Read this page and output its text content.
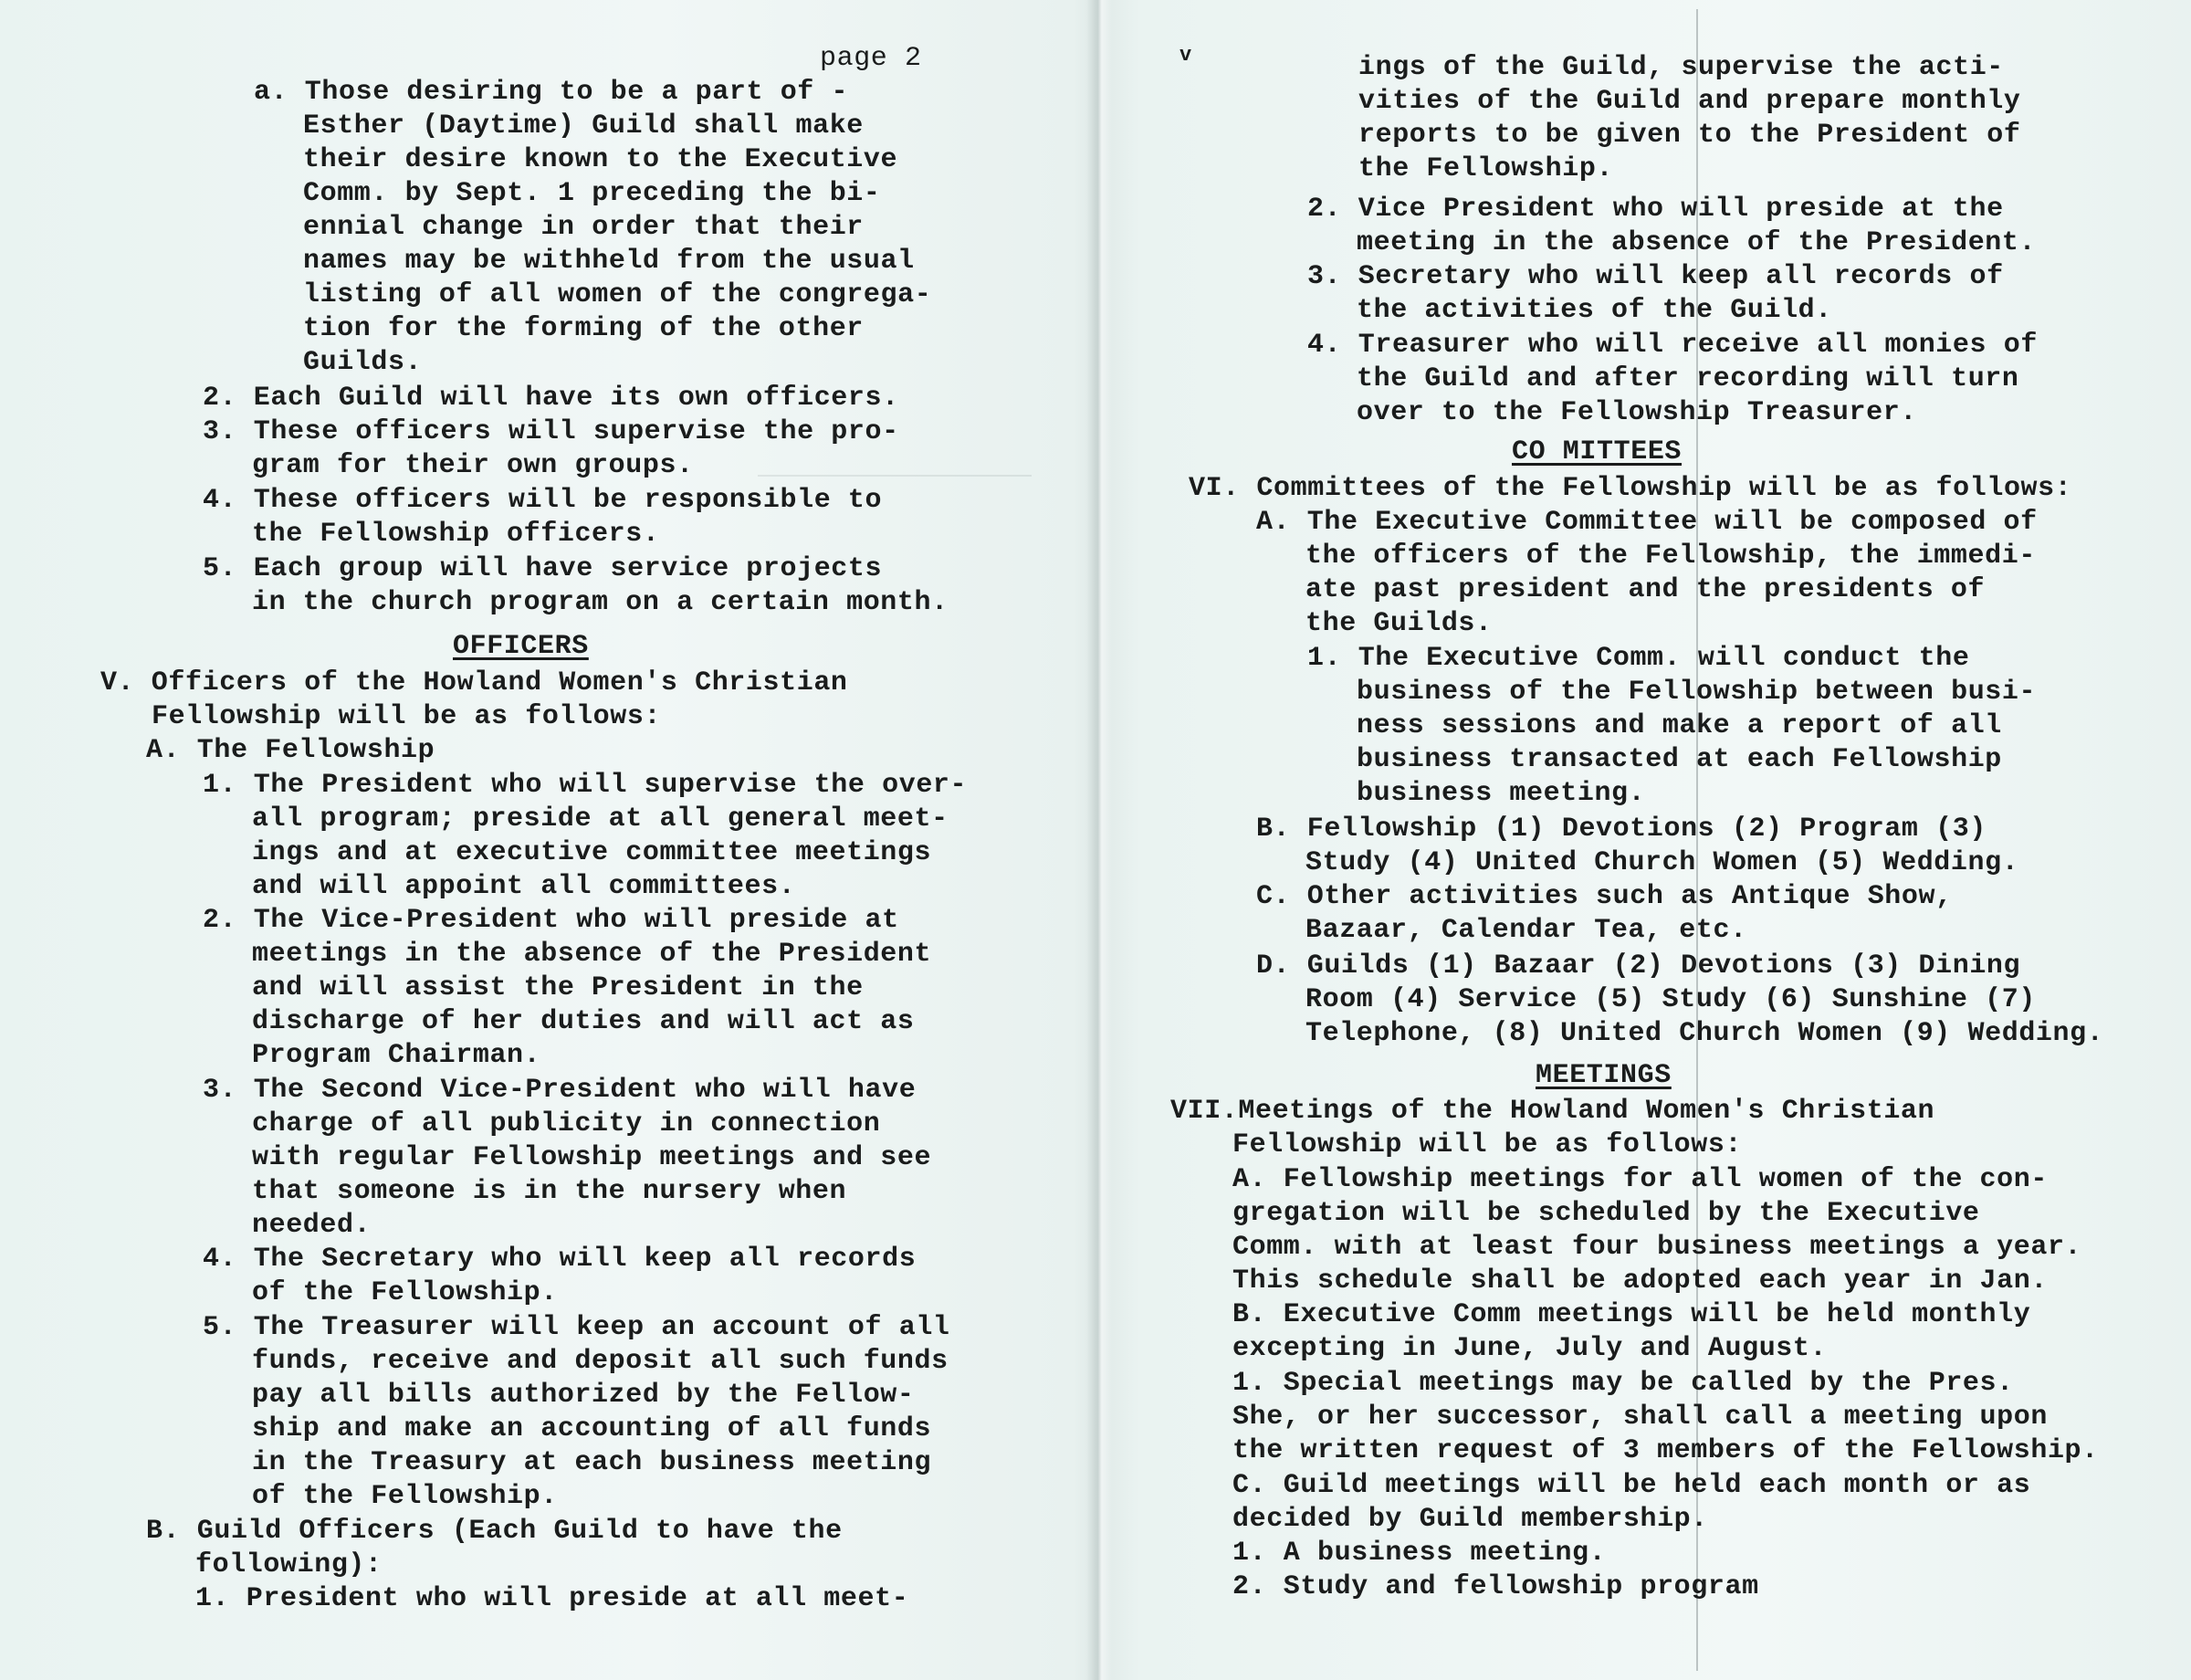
page 2
a. Those desiring to be a part of -
Esther (Daytime) Guild shall make
their desire known to the Executive
Comm. by Sept. 1 preceding the bi-
ennial change in order that their
names may be withheld from the usual
listing of all women of the congrega-
tion for the forming of the other
Guilds.
2. Each Guild will have its own officers.
3. These officers will supervise the pro-
gram for their own groups.
4. These officers will be responsible to
the Fellowship officers.
5. Each group will have service projects
in the church program on a certain month.
OFFICERS
V. Officers of the Howland Women's Christian
Fellowship will be as follows:
A. The Fellowship
1. The President who will supervise the over-
all program; preside at all general meet-
ings and at executive committee meetings
and will appoint all committees.
2. The Vice-President who will preside at
meetings in the absence of the President
and will assist the President in the
discharge of her duties and will act as
Program Chairman.
3. The Second Vice-President who will have
charge of all publicity in connection
with regular Fellowship meetings and see
that someone is in the nursery when
needed.
4. The Secretary who will keep all records
of the Fellowship.
5. The Treasurer will keep an account of all
funds, receive and deposit all such funds
pay all bills authorized by the Fellow-
ship and make an accounting of all funds
in the Treasury at each business meeting
of the Fellowship.
B. Guild Officers (Each Guild to have the
following):
1. President who will preside at all meet-
v	ings of the Guild, supervise the acti-
vities of the Guild and prepare monthly
reports to be given to the President of
the Fellowship.
2. Vice President who will preside at the
meeting in the absence of the President.
3. Secretary who will keep all records of
the activities of the Guild.
4. Treasurer who will receive all monies of
the Guild and after recording will turn
over to the Fellowship Treasurer.
CO MITTEES
VI. Committees of the Fellowship will be as follows:
A. The Executive Committee will be composed of
the officers of the Fellowship, the immedi-
ate past president and the presidents of
the Guilds.
1. The Executive Comm. will conduct the
business of the Fellowship between busi-
ness sessions and make a report of all
business transacted at each Fellowship
business meeting.
B. Fellowship (1) Devotions (2) Program (3)
Study (4) United Church Women (5) Wedding.
C. Other activities such as Antique Show,
Bazaar, Calendar Tea, etc.
D. Guilds (1) Bazaar (2) Devotions (3) Dining
Room (4) Service (5) Study (6) Sunshine (7)
Telephone, (8) United Church Women (9) Wedding.
MEETINGS
VII.Meetings of the Howland Women's Christian
Fellowship will be as follows:
A. Fellowship meetings for all women of the con-
gregation will be scheduled by the Executive
Comm. with at least four business meetings a year.
This schedule shall be adopted each year in Jan.
B. Executive Comm meetings will be held monthly
excepting in June, July and August.
1. Special meetings may be called by the Pres.
She, or her successor, shall call a meeting upon
the written request of 3 members of the Fellowship.
C. Guild meetings will be held each month or as
decided by Guild membership.
1. A business meeting.
2. Study and fellowship program
